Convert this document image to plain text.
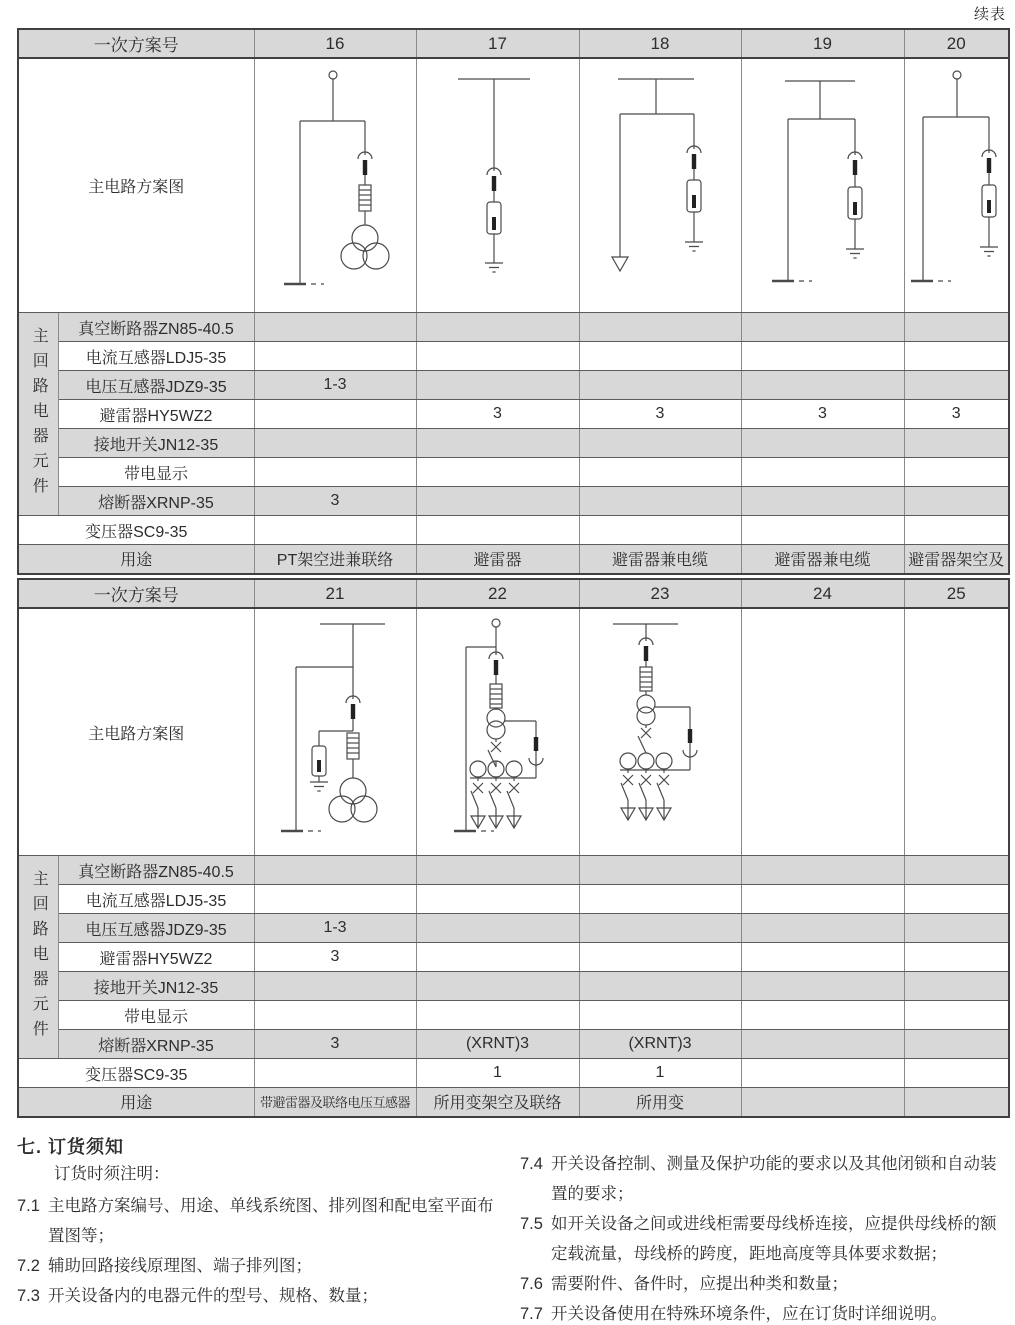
续表
一次方案号		16	17	18	19	20
主电路方案图	

主回路电器元件	真空断路器ZN85-40.5					
	电流互感器LDJ5-35					
	电压互感器JDZ9-35	1-3				
	避雷器HY5WZ2		3	3	3	3
	接地开关JN12-35					
	带电显示					
	熔断器XRNP-35	3				
变压器SC9-35						
用途		PT架空进兼联络	避雷器	避雷器兼电缆	避雷器兼电缆	避雷器架空及
一次方案号		21	22	23	24	25
主电路方案图	

主回路电器元件	真空断路器ZN85-40.5					
	电流互感器LDJ5-35					
	电压互感器JDZ9-35	1-3				
	避雷器HY5WZ2	3				
	接地开关JN12-35					
	带电显示					
	熔断器XRNP-35	3	(XRNT)3	(XRNT)3		
变压器SC9-35			1	1		
用途		带避雷器及联络电压互感器	所用变架空及联络	所用变		
七. 订货须知

订货时须注明：

7.1 主电路方案编号、用途、单线系统图、排列图和配电室平面布置图等；
7.2 辅助回路接线原理图、端子排列图；
7.3 开关设备内的电器元件的型号、规格、数量；
7.4 开关设备控制、测量及保护功能的要求以及其他闭锁和自动装置的要求；
7.5 如开关设备之间或进线柜需要母线桥连接，应提供母线桥的额定载流量，母线桥的跨度，距地高度等具体要求数据；
7.6 需要附件、备件时，应提出种类和数量；
7.7 开关设备使用在特殊环境条件，应在订货时详细说明。
